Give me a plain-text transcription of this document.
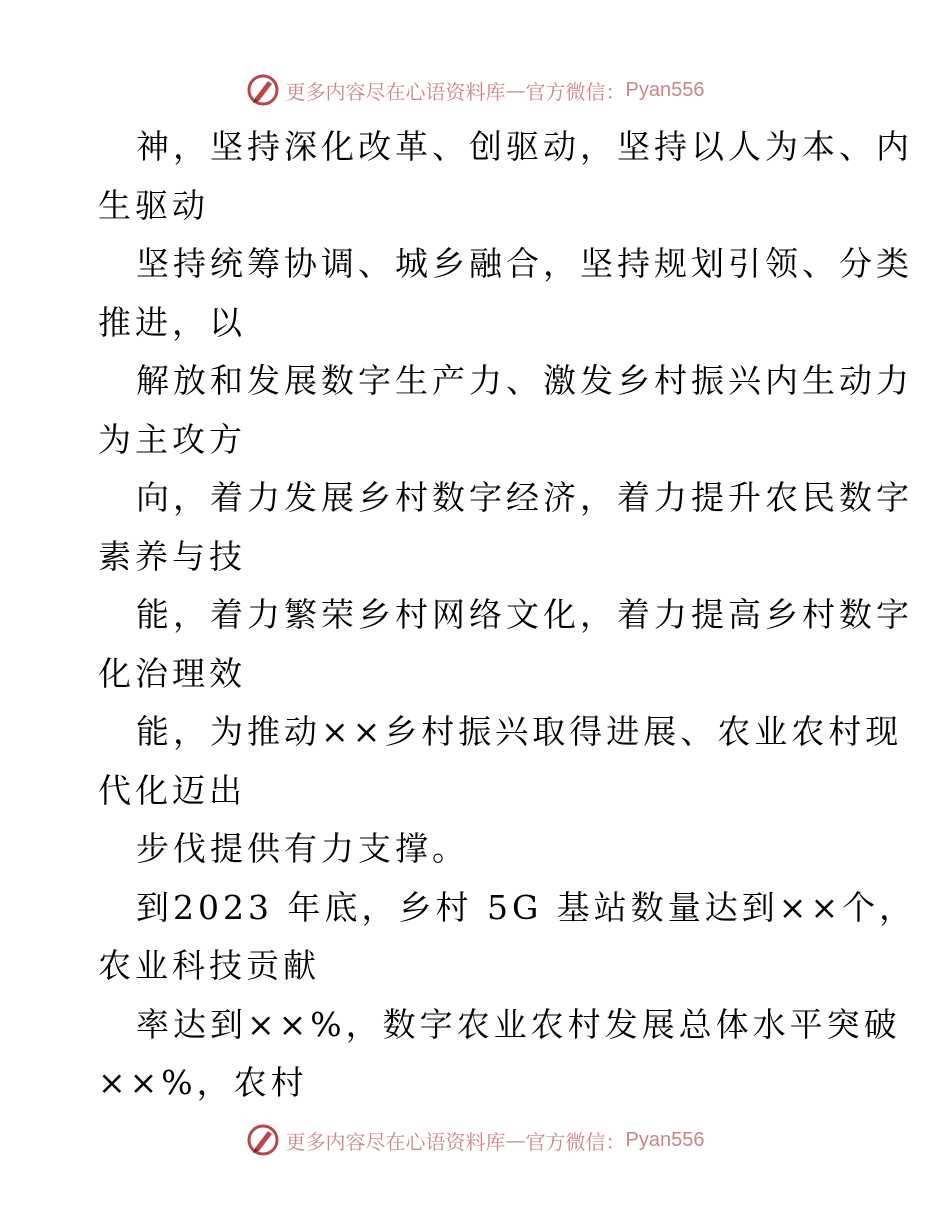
更多内容尽在心语资料库 — 官方微信： Pyan556
神，坚持深化改革、创驱动，坚持以人为本、内
生驱动
坚持统筹协调、城乡融合，坚持规划引领、分类
推进，以
解放和发展数字生产力、激发乡村振兴内生动力
为主攻方
向，着力发展乡村数字经济，着力提升农民数字
素养与技
能，着力繁荣乡村网络文化，着力提高乡村数字
化治理效
能，为推动××乡村振兴取得进展、农业农村现
代化迈出
步伐提供有力支撑。
到2023 年底，乡村 5G 基站数量达到××个，
农业科技贡献
率达到××%，数字农业农村发展总体水平突破
××%，农村
更多内容尽在心语资料库 — 官方微信： Pyan556
